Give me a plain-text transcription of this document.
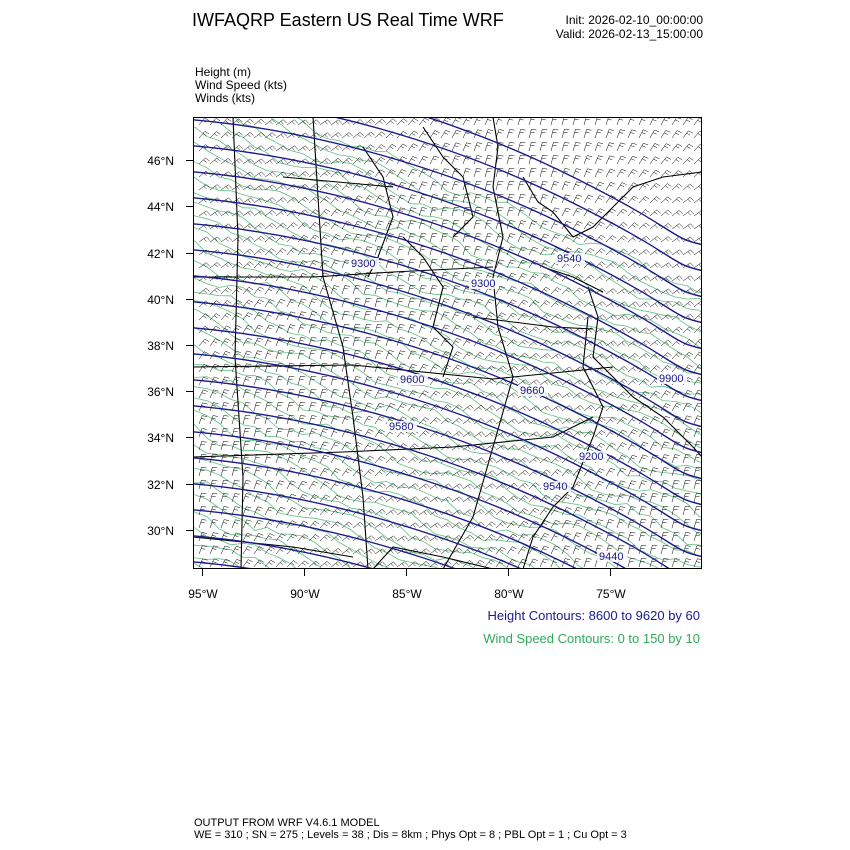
IWFAQRP Eastern US Real Time WRF	Init: 2026-02-10_00:00:00
Valid: 2026-02-13_15:00:00
Height (m)
Wind Speed (kts)
Winds (kts)
9300	9540
9300
9900
9600
9660
9580
9200
9540
9440
46°N
44°N
42°N
40°N
38°N
36°N
34°N
32°N
30°N
95°W	90°W	85°W	80°W	75°W
Height Contours: 8600 to 9620 by 60
Wind Speed Contours: 0 to 150 by 10
OUTPUT FROM WRF V4.6.1 MODEL
WE = 310 ; SN = 275 ; Levels = 38 ; Dis = 8km ; Phys Opt = 8 ; PBL Opt = 1 ; Cu Opt = 3
